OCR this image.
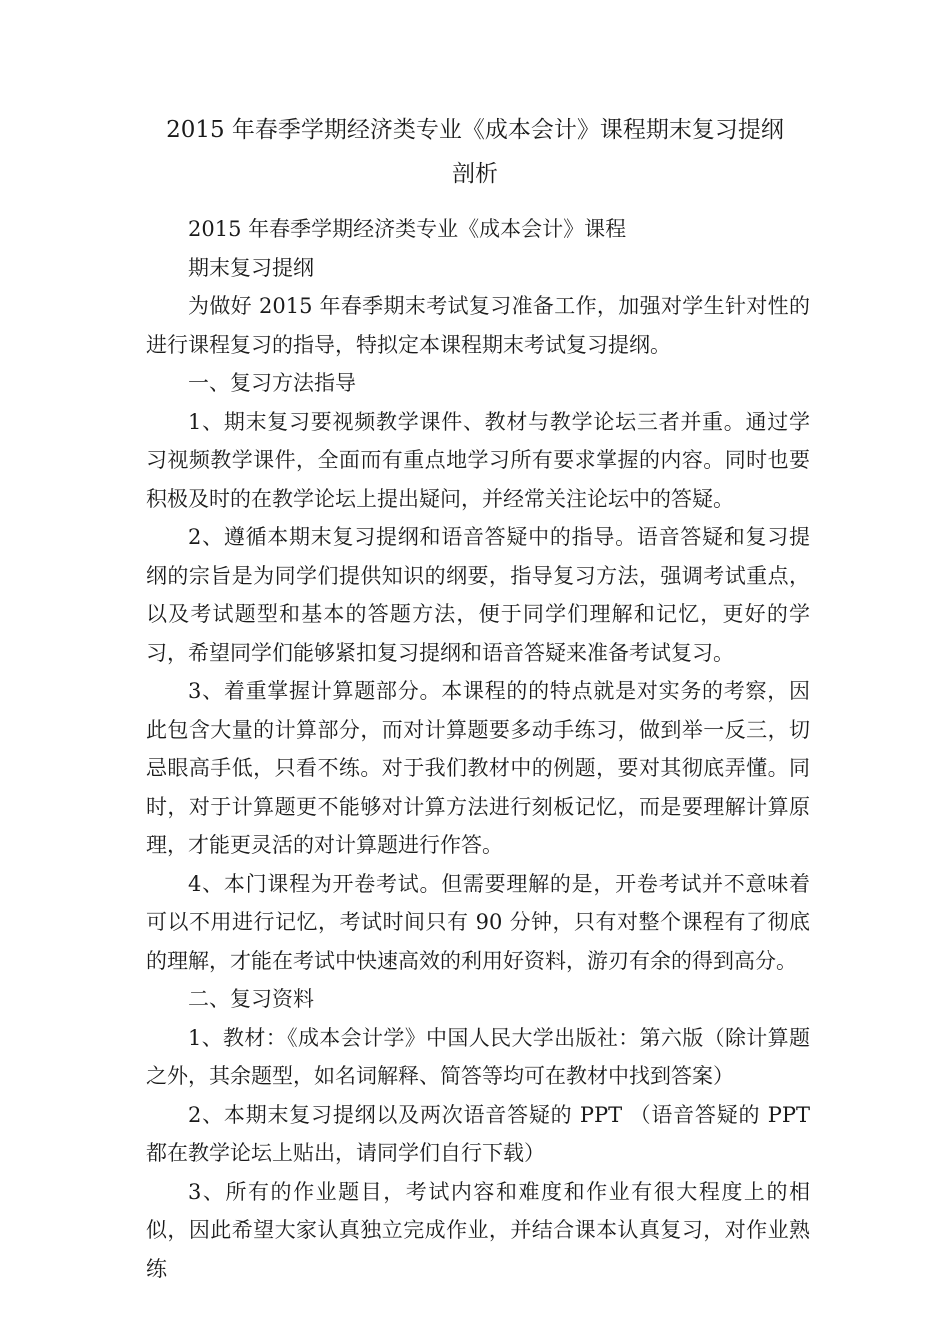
2015 年春季学期经济类专业《成本会计》课程期末复习提纲
剖析

2015 年春季学期经济类专业《成本会计》课程

期末复习提纲

为做好 2015 年春季期末考试复习准备工作，加强对学生针对性的进行课程复习的指导，特拟定本课程期末考试复习提纲。

一、复习方法指导

1、期末复习要视频教学课件、教材与教学论坛三者并重。通过学习视频教学课件，全面而有重点地学习所有要求掌握的内容。同时也要积极及时的在教学论坛上提出疑问，并经常关注论坛中的答疑。

2、遵循本期末复习提纲和语音答疑中的指导。语音答疑和复习提纲的宗旨是为同学们提供知识的纲要，指导复习方法，强调考试重点，以及考试题型和基本的答题方法，便于同学们理解和记忆，更好的学习，希望同学们能够紧扣复习提纲和语音答疑来准备考试复习。

3、着重掌握计算题部分。本课程的的特点就是对实务的考察，因此包含大量的计算部分，而对计算题要多动手练习，做到举一反三，切忌眼高手低，只看不练。对于我们教材中的例题，要对其彻底弄懂。同时，对于计算题更不能够对计算方法进行刻板记忆，而是要理解计算原理，才能更灵活的对计算题进行作答。

4、本门课程为开卷考试。但需要理解的是，开卷考试并不意味着可以不用进行记忆，考试时间只有 90 分钟，只有对整个课程有了彻底的理解，才能在考试中快速高效的利用好资料，游刃有余的得到高分。

二、复习资料

1、教材：《成本会计学》中国人民大学出版社：第六版（除计算题之外，其余题型，如名词解释、简答等均可在教材中找到答案）

2、本期末复习提纲以及两次语音答疑的 PPT （语音答疑的 PPT 都在教学论坛上贴出，请同学们自行下载）

3、所有的作业题目，考试内容和难度和作业有很大程度上的相似，因此希望大家认真独立完成作业，并结合课本认真复习，对作业熟练
